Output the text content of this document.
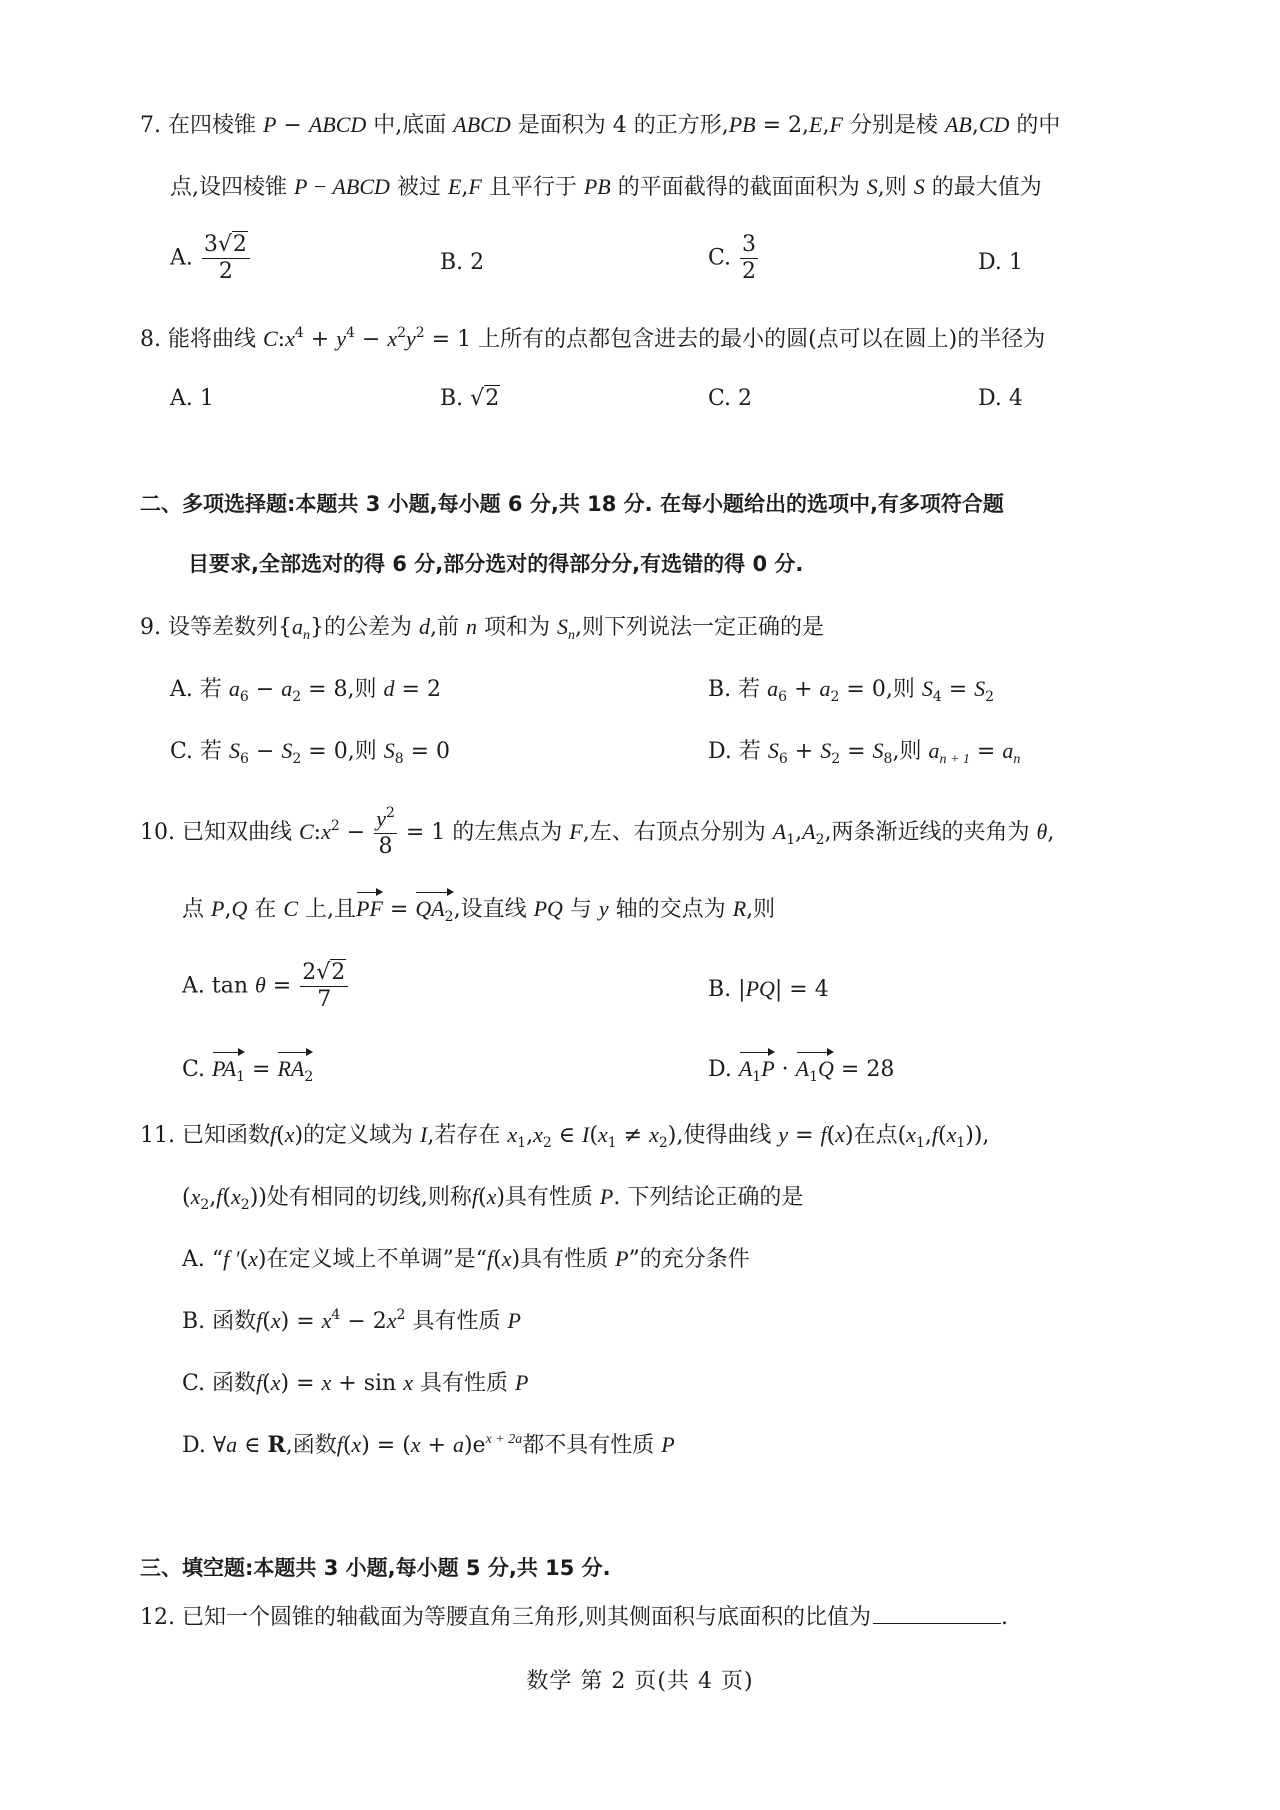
7. 在四棱锥 P − ABCD 中,底面 ABCD 是面积为 4 的正方形,PB = 2,E,F 分别是棱 AB,CD 的中
点,设四棱锥 P − ABCD 被过 E,F 且平行于 PB 的平面截得的截面面积为 S,则 S 的最大值为
A. $\frac{3√2}{2}$	B. 2	C. $\frac{3}{2}$	D. 1
8. 能将曲线 $C:x^4 + y^4 - x^2y^2 = 1$ 上所有的点都包含进去的最小的圆(点可以在圆上)的半径为
A. 1	B. √2	C. 2	D. 4
二、多项选择题:本题共 3 小题,每小题 6 分,共 18 分. 在每小题给出的选项中,有多项符合题
目要求,全部选对的得 6 分,部分选对的得部分分,有选错的得 0 分.
9. 设等差数列$\{a_n\}$的公差为 d,前 n 项和为 $S_n$,则下列说法一定正确的是
A. 若 $a_6 - a_2 = 8$,则 d = 2	B. 若 $a_6 + a_2 = 0$,则 $S_4 = S_2$
C. 若 $S_6 - S_2 = 0$,则 $S_8 = 0$	D. 若 $S_6 + S_2 = S_8$,则 $a_{n + 1} = a_n$
10. 已知双曲线 $C:x^2 - \frac{y^2}{8} = 1$ 的左焦点为 F,左、右顶点分别为 $A_1,A_2$,两条渐近线的夹角为 θ,
点 P,Q 在 C 上,且PF = $QA_2$,设直线 PQ 与 y 轴的交点为 R,则
A. $\tan \theta = \frac{2√2}{7}$	B. |PQ| = 4
C. $PA_1 = RA_2$	D. $A_1P \cdot A_1Q = 28$
11. 已知函数f(x)的定义域为 I,若存在 $x_1,x_2$ ∈ $I(x_1 \ne x_2)$,使得曲线 y = f(x)在点$(x_1,f(x_1))$,
$(x_2,f(x_2))$处有相同的切线,则称f(x)具有性质 P. 下列结论正确的是
A. “f ′(x)在定义域上不单调”是“f(x)具有性质 P”的充分条件
B. 函数$f(x) = x^4 - 2x^2$ 具有性质 P
C. 函数f(x) = x + sin x 具有性质 P
D. ∀a ∈ R,函数$f(x) = (x + a)e^{x + 2a}$都不具有性质 P
三、填空题:本题共 3 小题,每小题 5 分,共 15 分.
12. 已知一个圆锥的轴截面为等腰直角三角形,则其侧面积与底面积的比值为	.
数学 第 2 页(共 4 页)
